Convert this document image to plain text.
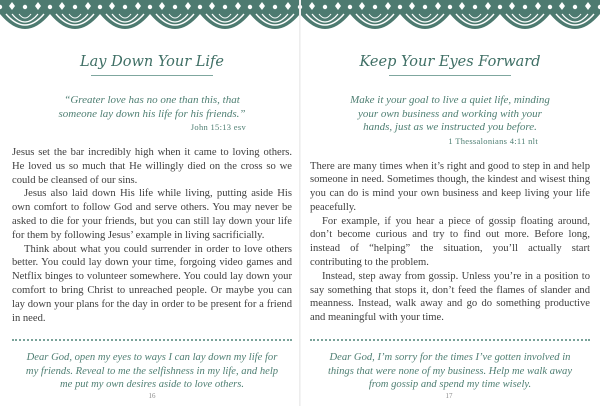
Lay Down Your Life
“Greater love has no one than this, that
someone lay down his life for his friends.”
John 15:13 esv

Jesus set the bar incredibly high when it came to loving others. He loved us so much that He willingly died on the cross so we could be cleansed of our sins.

Jesus also laid down His life while living, putting aside His own comfort to follow God and serve others. You may never be asked to die for your friends, but you can still lay down your life for them by following Jesus’ example in living sacrificially.

Think about what you could surrender in order to love others better. You could lay down your time, forgoing video games and Netflix binges to volunteer somewhere. You could lay down your comfort to bring Christ to unreached people. Or maybe you can lay down your plans for the day in order to be present for a friend in need.

Dear God, open my eyes to ways I can lay down my life for my friends. Reveal to me the selfishness in my life, and help me put my own desires aside to love others.
Keep Your Eyes Forward
Make it your goal to live a quiet life, minding
your own business and working with your
hands, just as we instructed you before.
1 Thessalonians 4:11 nlt

There are many times when it’s right and good to step in and help someone in need. Sometimes though, the kindest and wisest thing you can do is mind your own business and keep living your life peacefully.

For example, if you hear a piece of gossip floating around, don’t become curious and try to find out more. Before long, instead of “helping” the situation, you’ll actually start contributing to the problem.

Instead, step away from gossip. Unless you’re in a position to say something that stops it, don’t feed the flames of slander and meanness. Instead, walk away and go do something productive and meaningful with your time.

Dear God, I’m sorry for the times I’ve gotten involved in things that were none of my business. Help me walk away from gossip and spend my time wisely.
16	17
